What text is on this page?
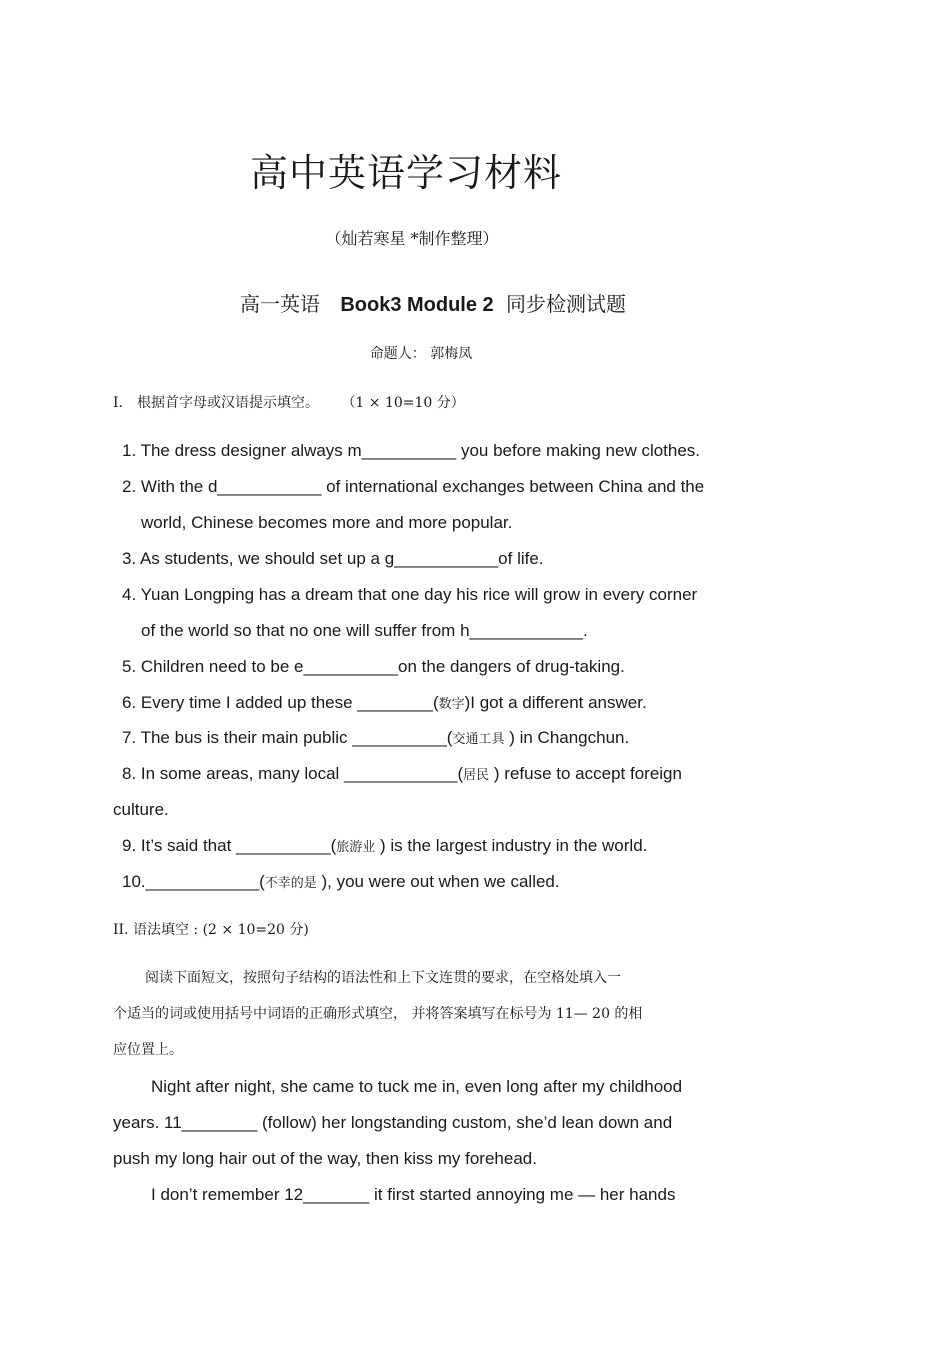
高中英语学习材料
（灿若寒星 *制作整理）
高一英语 Book3 Module 2 同步检测试题
命题人： 郭梅凤
I． 根据首字母或汉语提示填空。 （1 × 10=10 分）
1. The dress designer always m__________ you before making new clothes.
2. With the d___________ of international exchanges between China and the
world, Chinese becomes more and more popular.
3. As students, we should set up a g___________of life.
4. Yuan Longping has a dream that one day his rice will grow in every corner
of the world so that no one will suffer from h____________.
5. Children need to be e__________on the dangers of drug-taking.
6. Every time I added up these ________(数字)I got a different answer.
7. The bus is their main public __________(交通工具 ) in Changchun.
8. In some areas, many local ____________(居民 ) refuse to accept foreign
culture.
9. It’s said that __________(旅游业 ) is the largest industry in the world.
10.____________(不幸的是 ), you were out when we called.
II. 语法填空 : (2 × 10=20 分)
阅读下面短文，按照句子结构的语法性和上下文连贯的要求，在空格处填入一
个适当的词或使用括号中词语的正确形式填空， 并将答案填写在标号为 11— 20 的相
应位置上。
Night after night, she came to tuck me in, even long after my childhood
years. 11________ (follow) her longstanding custom, she’d lean down and
push my long hair out of the way, then kiss my forehead.
I don’t remember 12_______ it first started annoying me — her hands
